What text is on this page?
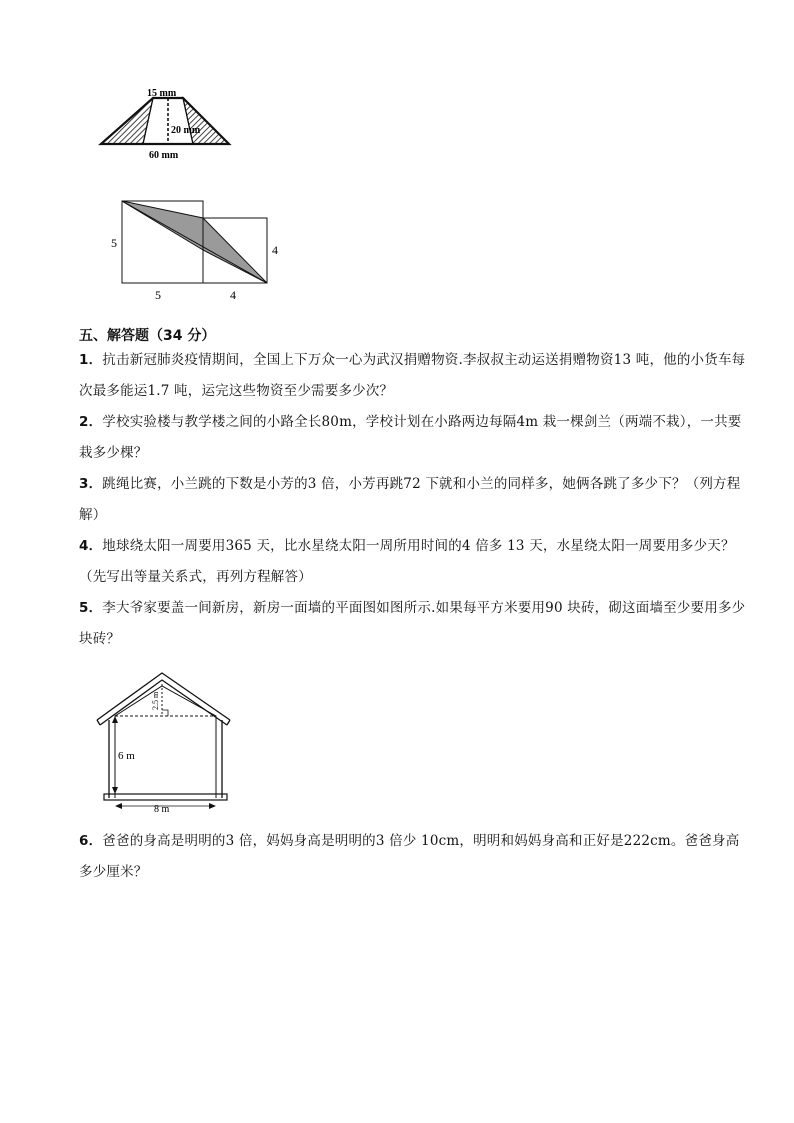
15 mm
20 mm
60 mm
5
5
4
4
五、解答题（34 分）
1．抗击新冠肺炎疫情期间，全国上下万众一心为武汉捐赠物资.李叔叔主动运送捐赠物资13 吨，他的小货车每次最多能运1.7 吨，运完这些物资至少需要多少次？
2．学校实验楼与教学楼之间的小路全长80m，学校计划在小路两边每隔4m 栽一棵剑兰（两端不栽），一共要栽多少棵？
3．跳绳比赛，小兰跳的下数是小芳的3 倍，小芳再跳72 下就和小兰的同样多，她俩各跳了多少下？（列方程解）
4．地球绕太阳一周要用365 天，比水星绕太阳一周所用时间的4 倍多 13 天，水星绕太阳一周要用多少天？（先写出等量关系式，再列方程解答）
5．李大爷家要盖一间新房，新房一面墙的平面图如图所示.如果每平方米要用90 块砖，砌这面墙至少要用多少块砖？
2.5 m
6 m
8 m
6．爸爸的身高是明明的3 倍，妈妈身高是明明的3 倍少 10cm，明明和妈妈身高和正好是222cm。爸爸身高多少厘米？
